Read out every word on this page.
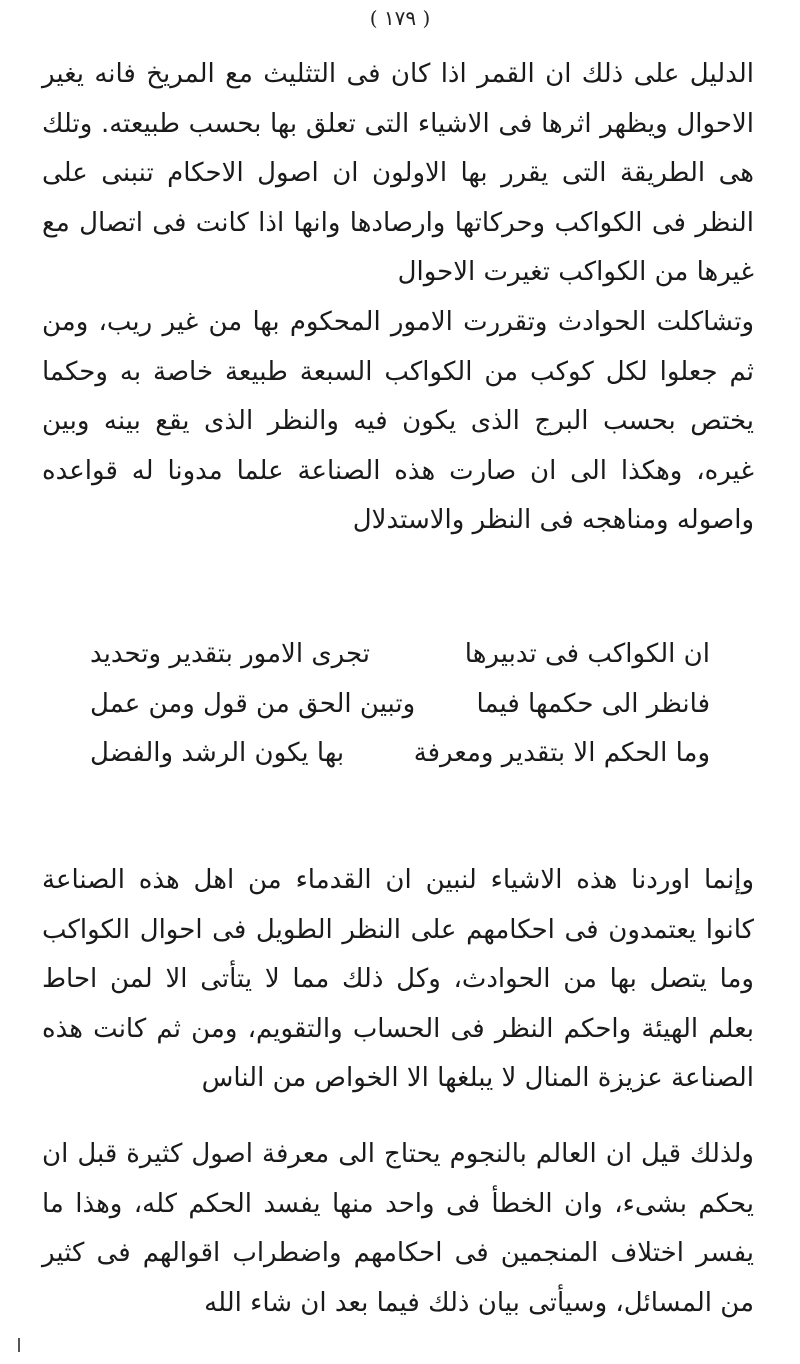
( ١٧٩ )

الدليل على ذلك ان القمر اذا كان فى التثليث مع المريخ فانه يغير الاحوال ويظهر اثرها فى الاشياء التى تعلق بها بحسب طبيعته. وتلك هى الطريقة التى يقرر بها الاولون ان اصول الاحكام تنبنى على النظر فى الكواكب وحركاتها وارصادها وانها اذا كانت فى اتصال مع غيرها من الكواكب تغيرت الاحوال

وتشاكلت الحوادث وتقررت الامور المحكوم بها من غير ريب، ومن ثم جعلوا لكل كوكب من الكواكب السبعة طبيعة خاصة به وحكما يختص بحسب البرج الذى يكون فيه والنظر الذى يقع بينه وبين غيره، وهكذا الى ان صارت هذه الصناعة علما مدونا له قواعده واصوله ومناهجه فى النظر والاستدلال

ان الكواكب فى تدبيرها
تجرى الامور بتقدير وتحديد
فانظر الى حكمها فيما
وتبين الحق من قول ومن عمل
وما الحكم الا بتقدير ومعرفة
بها يكون الرشد والفضل

وإنما اوردنا هذه الاشياء لنبين ان القدماء من اهل هذه الصناعة كانوا يعتمدون فى احكامهم على النظر الطويل فى احوال الكواكب وما يتصل بها من الحوادث، وكل ذلك مما لا يتأتى الا لمن احاط بعلم الهيئة واحكم النظر فى الحساب والتقويم، ومن ثم كانت هذه الصناعة عزيزة المنال لا يبلغها الا الخواص من الناس

ولذلك قيل ان العالم بالنجوم يحتاج الى معرفة اصول كثيرة قبل ان يحكم بشىء، وان الخطأ فى واحد منها يفسد الحكم كله، وهذا ما يفسر اختلاف المنجمين فى احكامهم واضطراب اقوالهم فى كثير من المسائل، وسيأتى بيان ذلك فيما بعد ان شاء الله
